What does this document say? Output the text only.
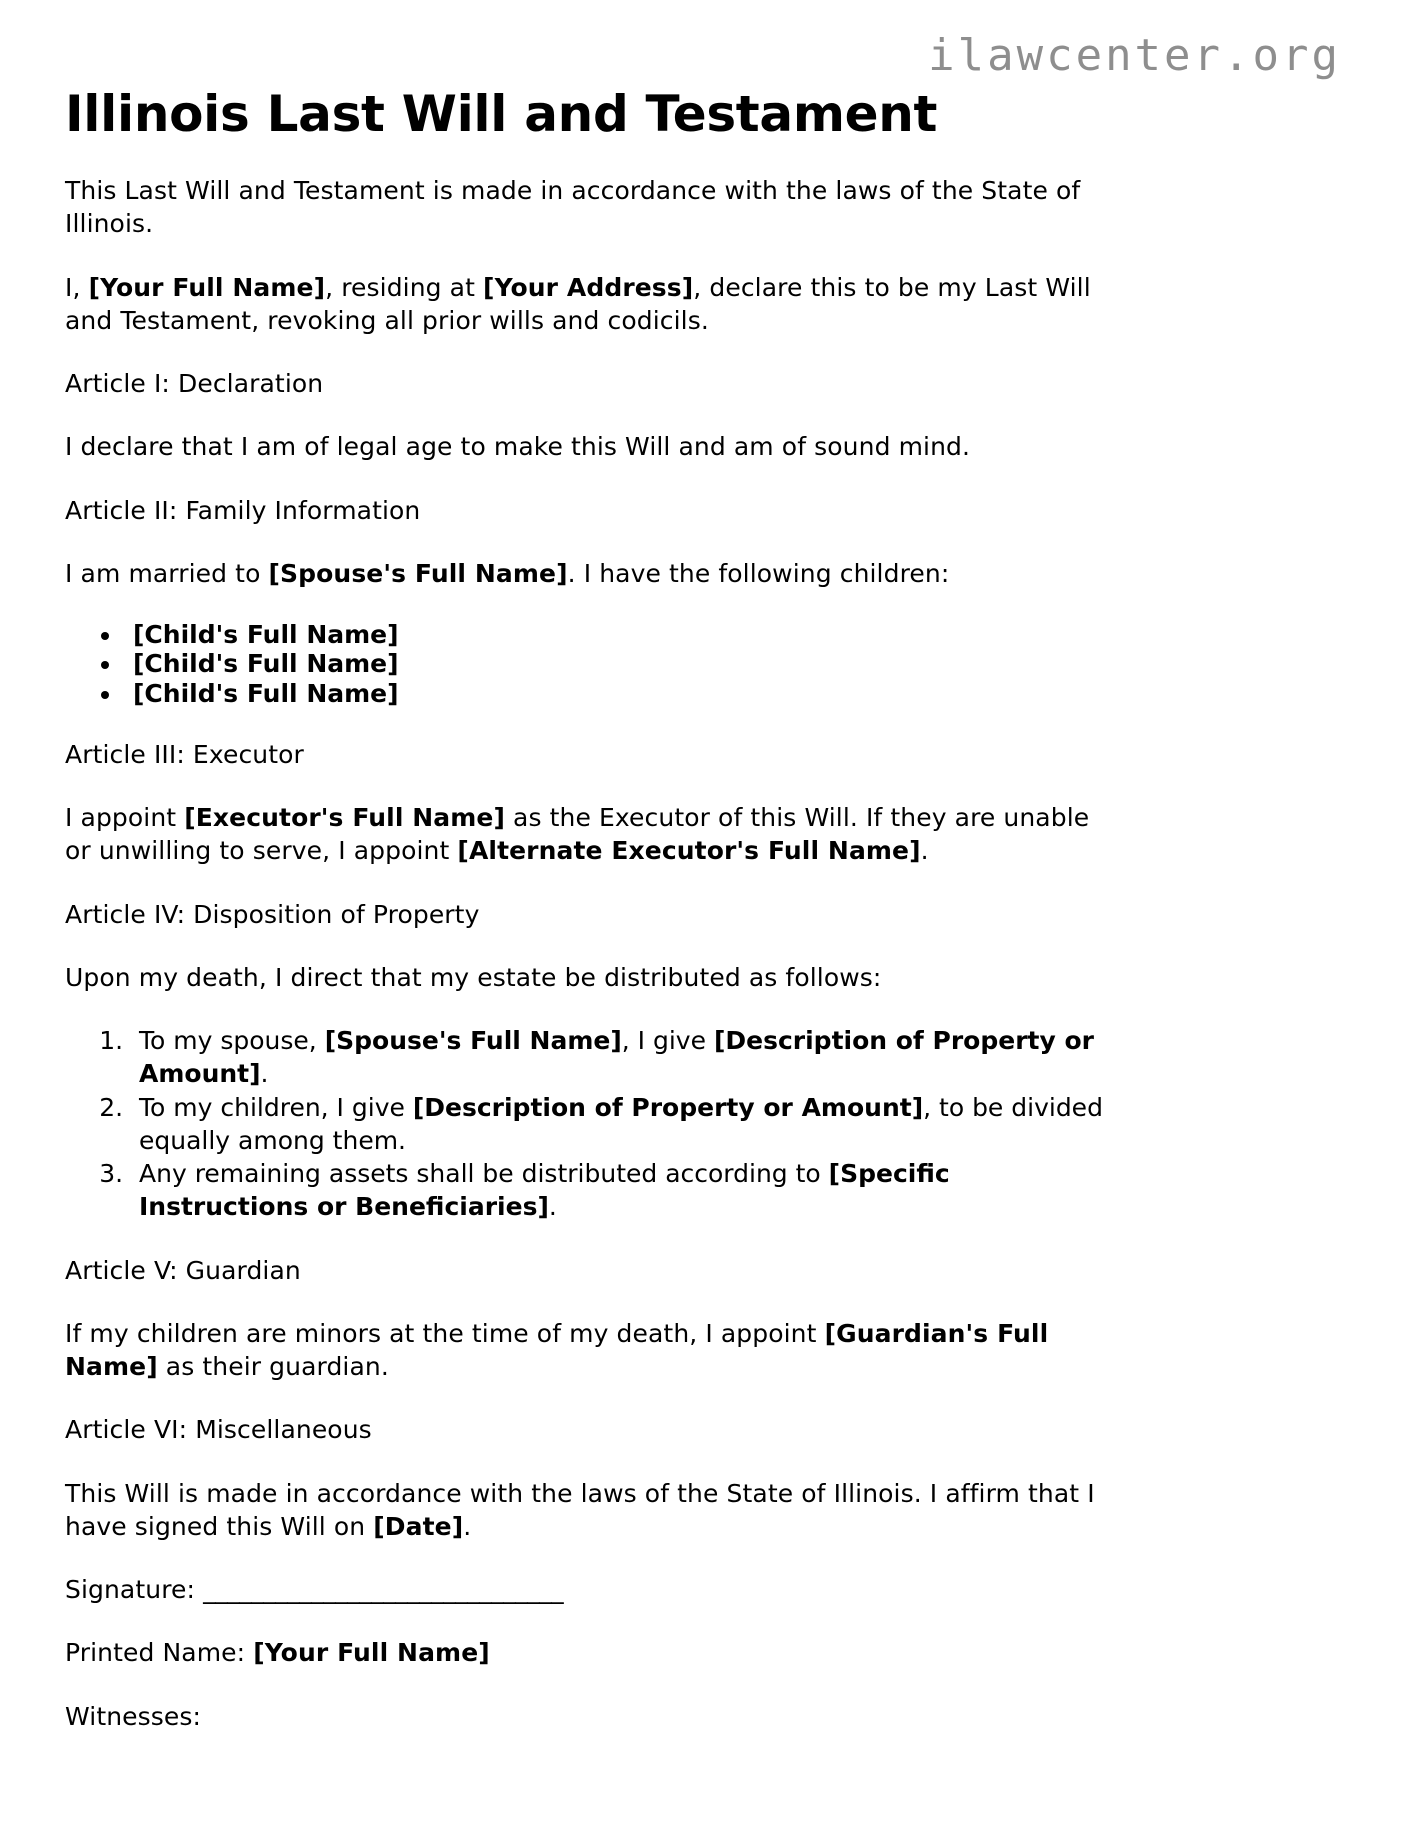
ilawcenter.org
Illinois Last Will and Testament

This Last Will and Testament is made in accordance with the laws of the State of Illinois.

I, [Your Full Name], residing at [Your Address], declare this to be my Last Will and Testament, revoking all prior wills and codicils.

Article I: Declaration

I declare that I am of legal age to make this Will and am of sound mind.

Article II: Family Information

I am married to [Spouse's Full Name]. I have the following children:

• [Child's Full Name]
• [Child's Full Name]
• [Child's Full Name]

Article III: Executor

I appoint [Executor's Full Name] as the Executor of this Will. If they are unable or unwilling to serve, I appoint [Alternate Executor's Full Name].

Article IV: Disposition of Property

Upon my death, I direct that my estate be distributed as follows:

1. To my spouse, [Spouse's Full Name], I give [Description of Property or Amount].
2. To my children, I give [Description of Property or Amount], to be divided equally among them.
3. Any remaining assets shall be distributed according to [Specific Instructions or Beneficiaries].

Article V: Guardian

If my children are minors at the time of my death, I appoint [Guardian's Full Name] as their guardian.

Article VI: Miscellaneous

This Will is made in accordance with the laws of the State of Illinois. I affirm that I have signed this Will on [Date].

Signature: ______________________________

Printed Name: [Your Full Name]

Witnesses:
